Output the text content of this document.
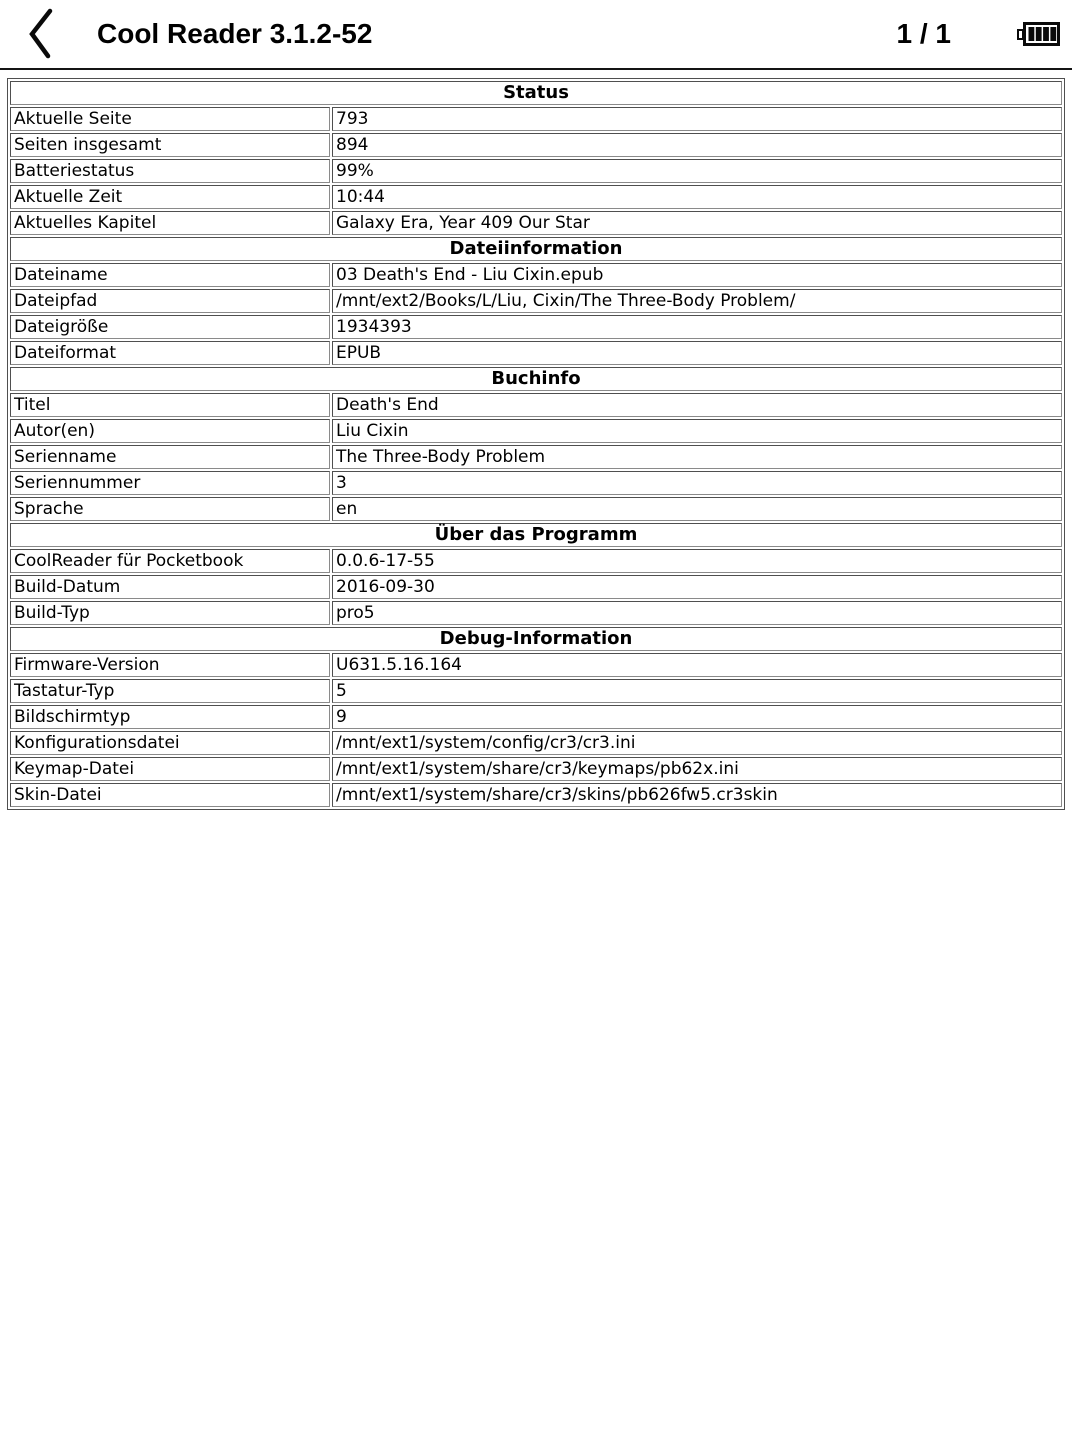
Cool Reader 3.1.2-52	1 / 1
Status	
Aktuelle Seite	793
Seiten insgesamt	894
Batteriestatus	99%
Aktuelle Zeit	10:44
Aktuelles Kapitel	Galaxy Era, Year 409 Our Star
Dateiinformation	
Dateiname	03 Death's End - Liu Cixin.epub
Dateipfad	/mnt/ext2/Books/L/Liu, Cixin/The Three-Body Problem/
Dateigröße	1934393
Dateiformat	EPUB
Buchinfo	
Titel	Death's End
Autor(en)	Liu Cixin
Serienname	The Three-Body Problem
Seriennummer	3
Sprache	en
Über das Programm	
CoolReader für Pocketbook	0.0.6-17-55
Build-Datum	2016-09-30
Build-Typ	pro5
Debug-Information	
Firmware-Version	U631.5.16.164
Tastatur-Typ	5
Bildschirmtyp	9
Konfigurationsdatei	/mnt/ext1/system/config/cr3/cr3.ini
Keymap-Datei	/mnt/ext1/system/share/cr3/keymaps/pb62x.ini
Skin-Datei	/mnt/ext1/system/share/cr3/skins/pb626fw5.cr3skin
